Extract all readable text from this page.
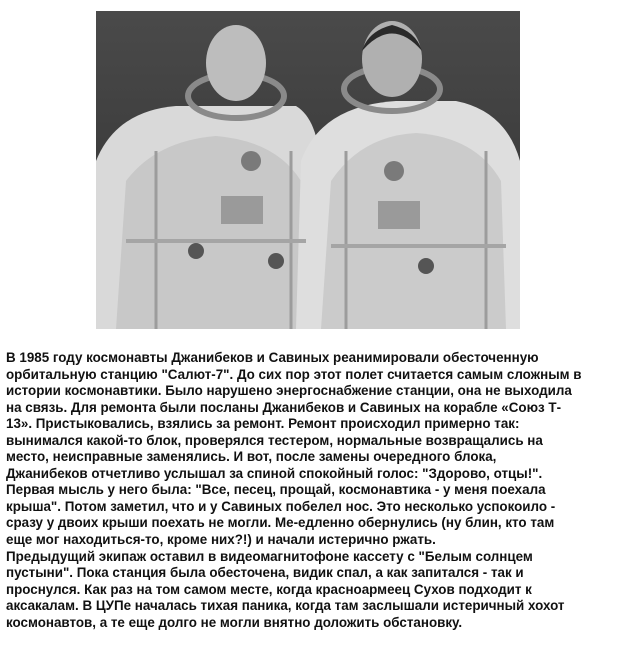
В 1985 году космонавты Джанибеков и Савиных реанимировали обесточенную
орбитальную станцию "Салют-7". До сих пор этот полет считается самым сложным в
истории космонавтики. Было нарушено энергоснабжение станции, она не выходила
на связь. Для ремонта были посланы Джанибеков и Савиных на корабле «Союз Т-
13». Пристыковались, взялись за ремонт. Ремонт происходил примерно так:
вынимался какой-то блок, проверялся тестером, нормальные возвращались на
место, неисправные заменялись. И вот, после замены очередного блока,
Джанибеков отчетливо услышал за спиной спокойный голос: "Здорово, отцы!".
Первая мысль у него была: "Все, песец, прощай, космонавтика - у меня поехала
крыша". Потом заметил, что и у Савиных побелел нос. Это несколько успокоило -
сразу у двоих крыши поехать не могли. Ме-едленно обернулись (ну блин, кто там
еще мог находиться-то, кроме них?!) и начали истерично ржать.
Предыдущий экипаж оставил в видеомагнитофоне кассету с "Белым солнцем
пустыни". Пока станция была обесточена, видик спал, а как запитался - так и
проснулся. Как раз на том самом месте, когда красноармеец Сухов подходит к
аксакалам. В ЦУПе началась тихая паника, когда там заслышали истеричный хохот
космонавтов, а те еще долго не могли внятно доложить обстановку.
